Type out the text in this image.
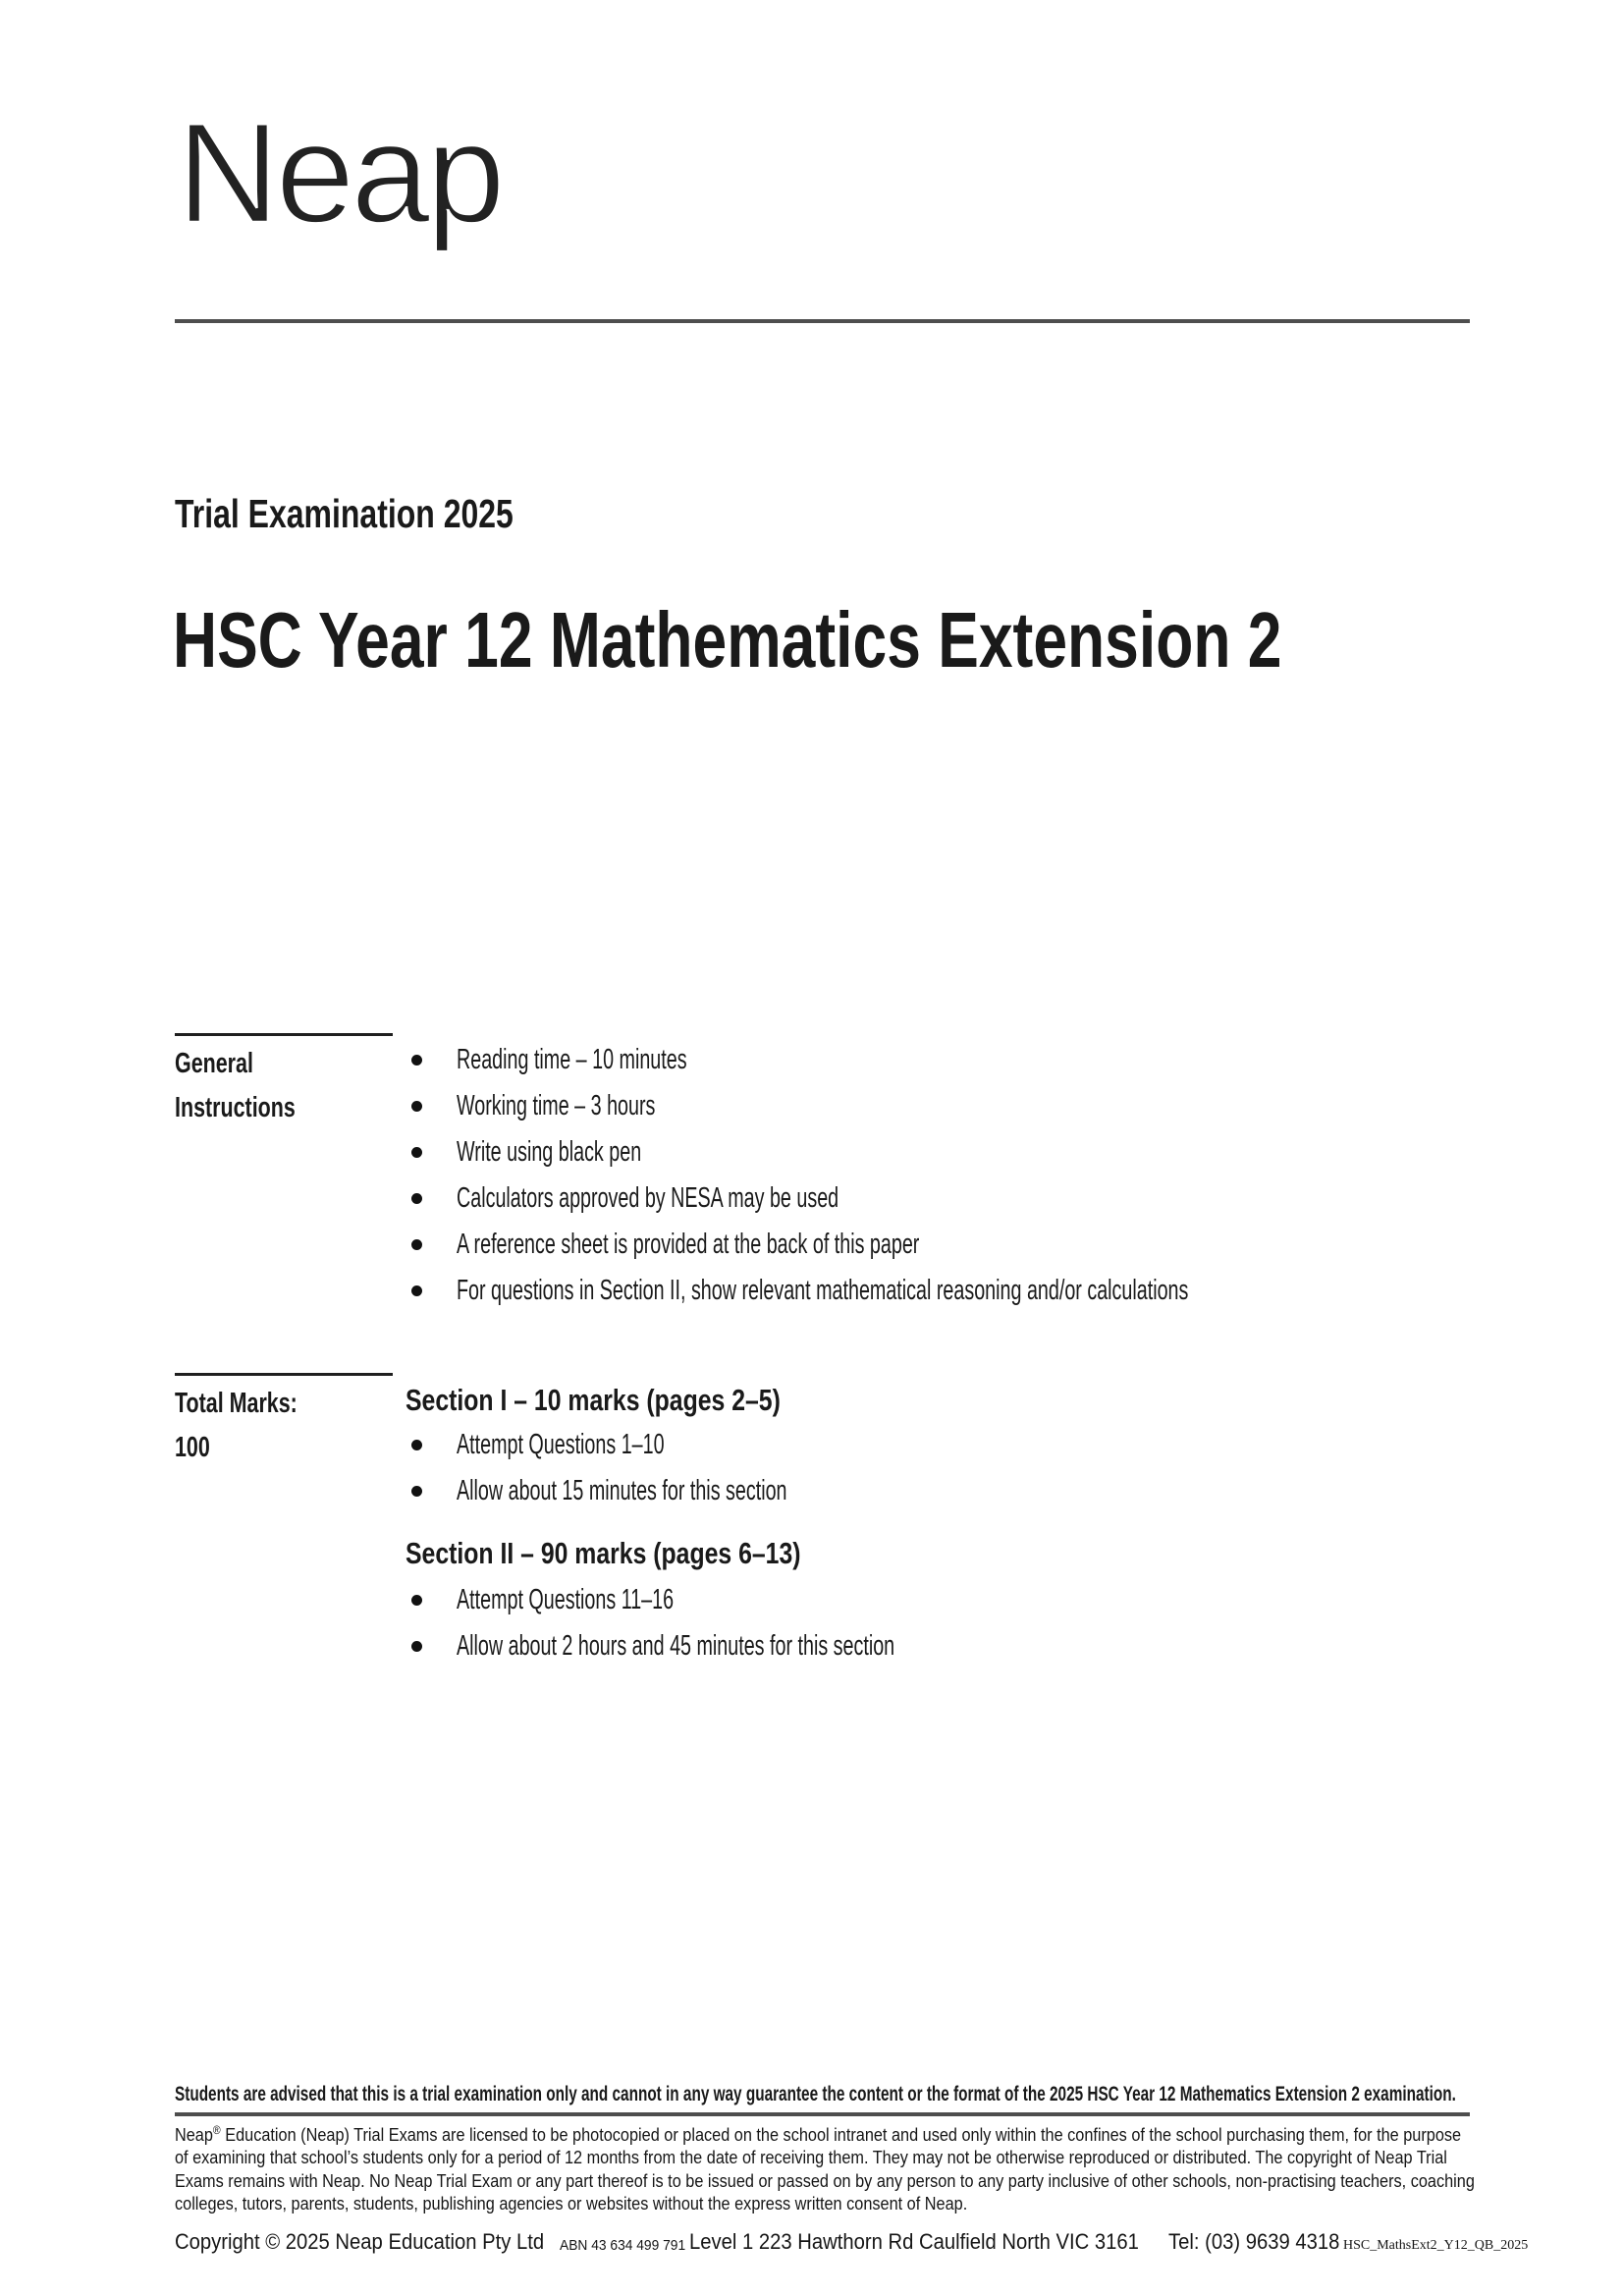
Neap
Trial Examination 2025
HSC Year 12 Mathematics Extension 2
General
Instructions
Reading time – 10 minutes
Working time – 3 hours
Write using black pen
Calculators approved by NESA may be used
A reference sheet is provided at the back of this paper
For questions in Section II, show relevant mathematical reasoning and/or calculations
Total Marks:
100
Section I – 10 marks (pages 2–5)
Attempt Questions 1–10
Allow about 15 minutes for this section
Section II – 90 marks (pages 6–13)
Attempt Questions 11–16
Allow about 2 hours and 45 minutes for this section
Students are advised that this is a trial examination only and cannot in any way guarantee the content or the format of the 2025 HSC Year 12 Mathematics Extension 2 examination.

Neap® Education (Neap) Trial Exams are licensed to be photocopied or placed on the school intranet and used only within the confines of the school purchasing them, for the purpose of examining that school’s students only for a period of 12 months from the date of receiving them. They may not be otherwise reproduced or distributed. The copyright of Neap Trial Exams remains with Neap. No Neap Trial Exam or any part thereof is to be issued or passed on by any person to any party inclusive of other schools, non-practising teachers, coaching colleges, tutors, parents, students, publishing agencies or websites without the express written consent of Neap.

Copyright © 2025 Neap Education Pty Ltd ABN 43 634 499 791 Level 1 223 Hawthorn Rd Caulfield North VIC 3161 Tel: (03) 9639 4318 HSC_MathsExt2_Y12_QB_2025
